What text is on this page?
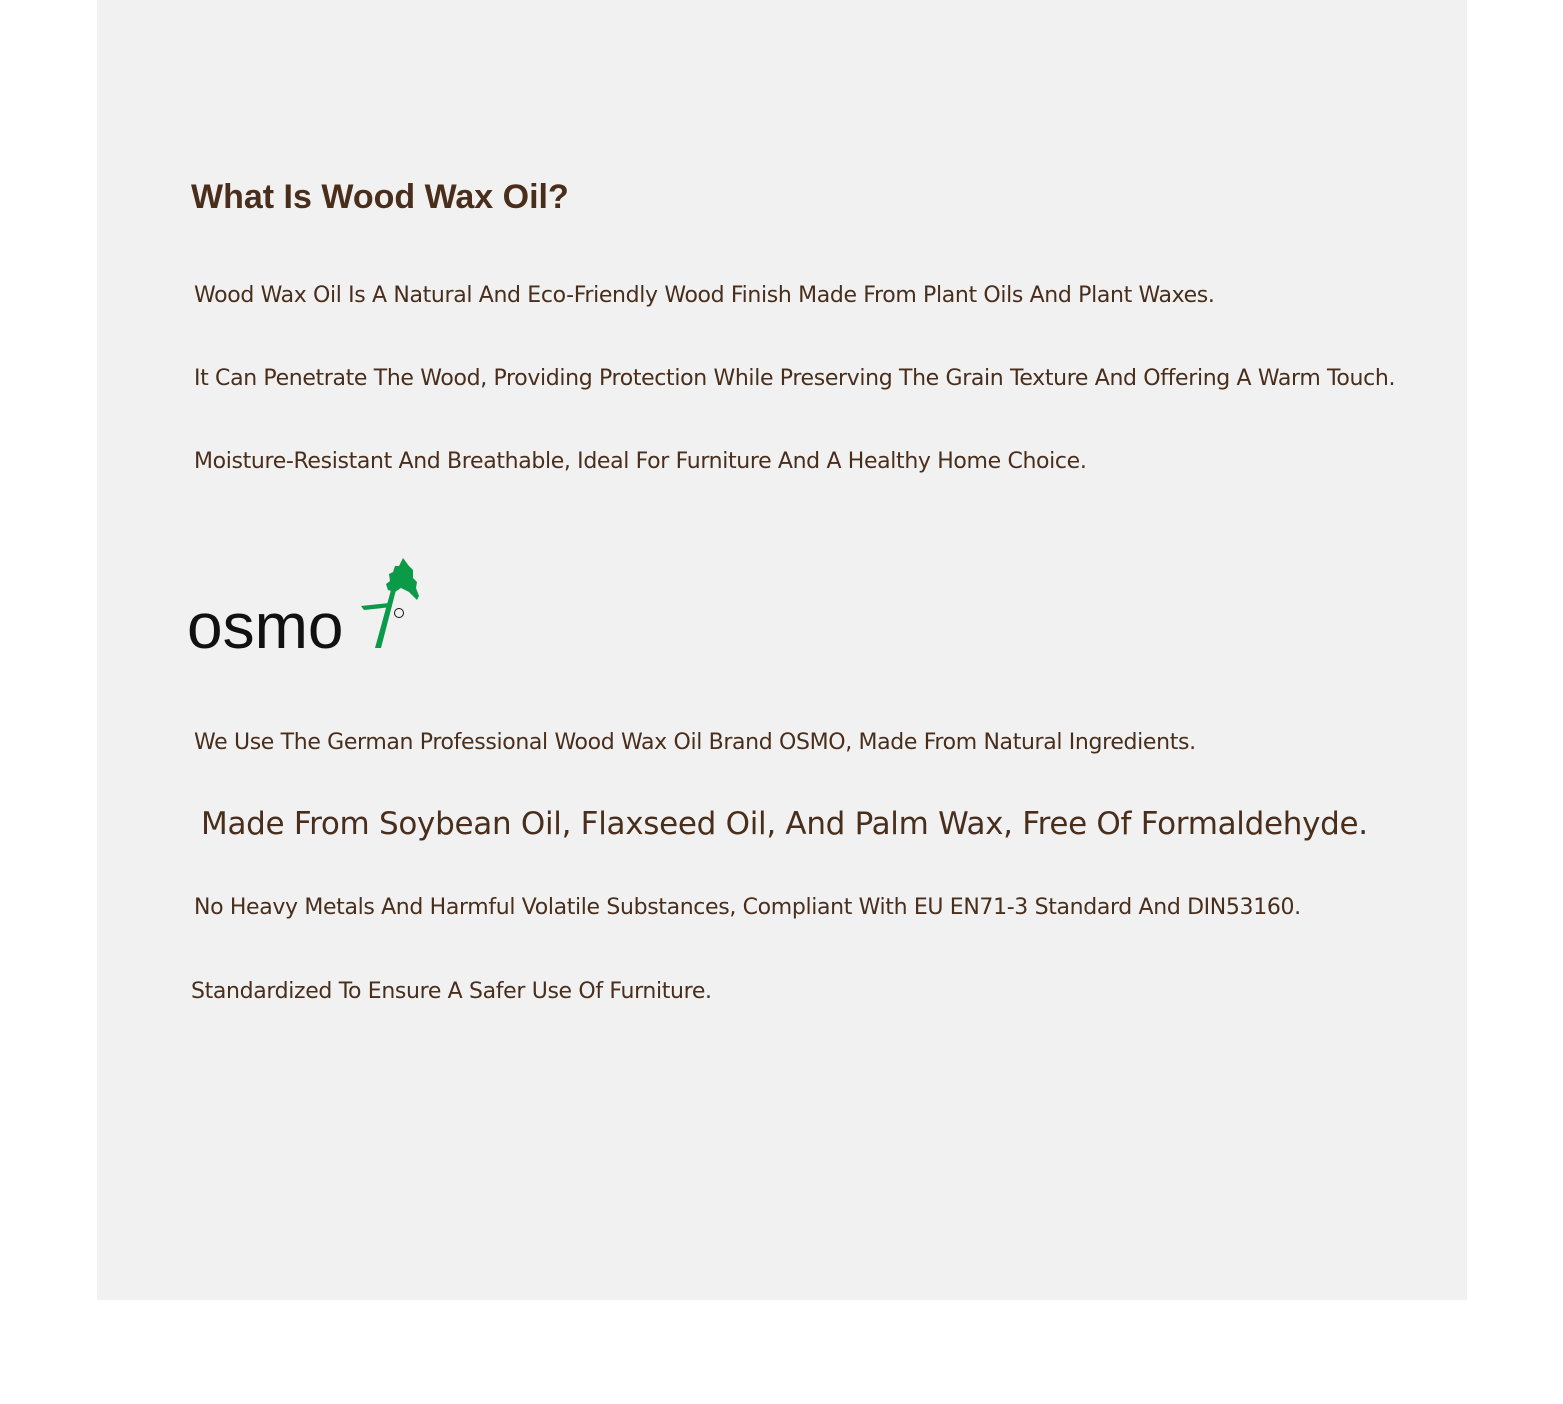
What Is Wood Wax Oil?

Wood Wax Oil Is A Natural And Eco-Friendly Wood Finish Made From Plant Oils And Plant Waxes.

It Can Penetrate The Wood, Providing Protection While Preserving The Grain Texture And Offering A Warm Touch.

Moisture-Resistant And Breathable, Ideal For Furniture And A Healthy Home Choice.

osmo

We Use The German Professional Wood Wax Oil Brand OSMO, Made From Natural Ingredients.

Made From Soybean Oil, Flaxseed Oil, And Palm Wax, Free Of Formaldehyde.

No Heavy Metals And Harmful Volatile Substances, Compliant With EU EN71-3 Standard And DIN53160.

Standardized To Ensure A Safer Use Of Furniture.
